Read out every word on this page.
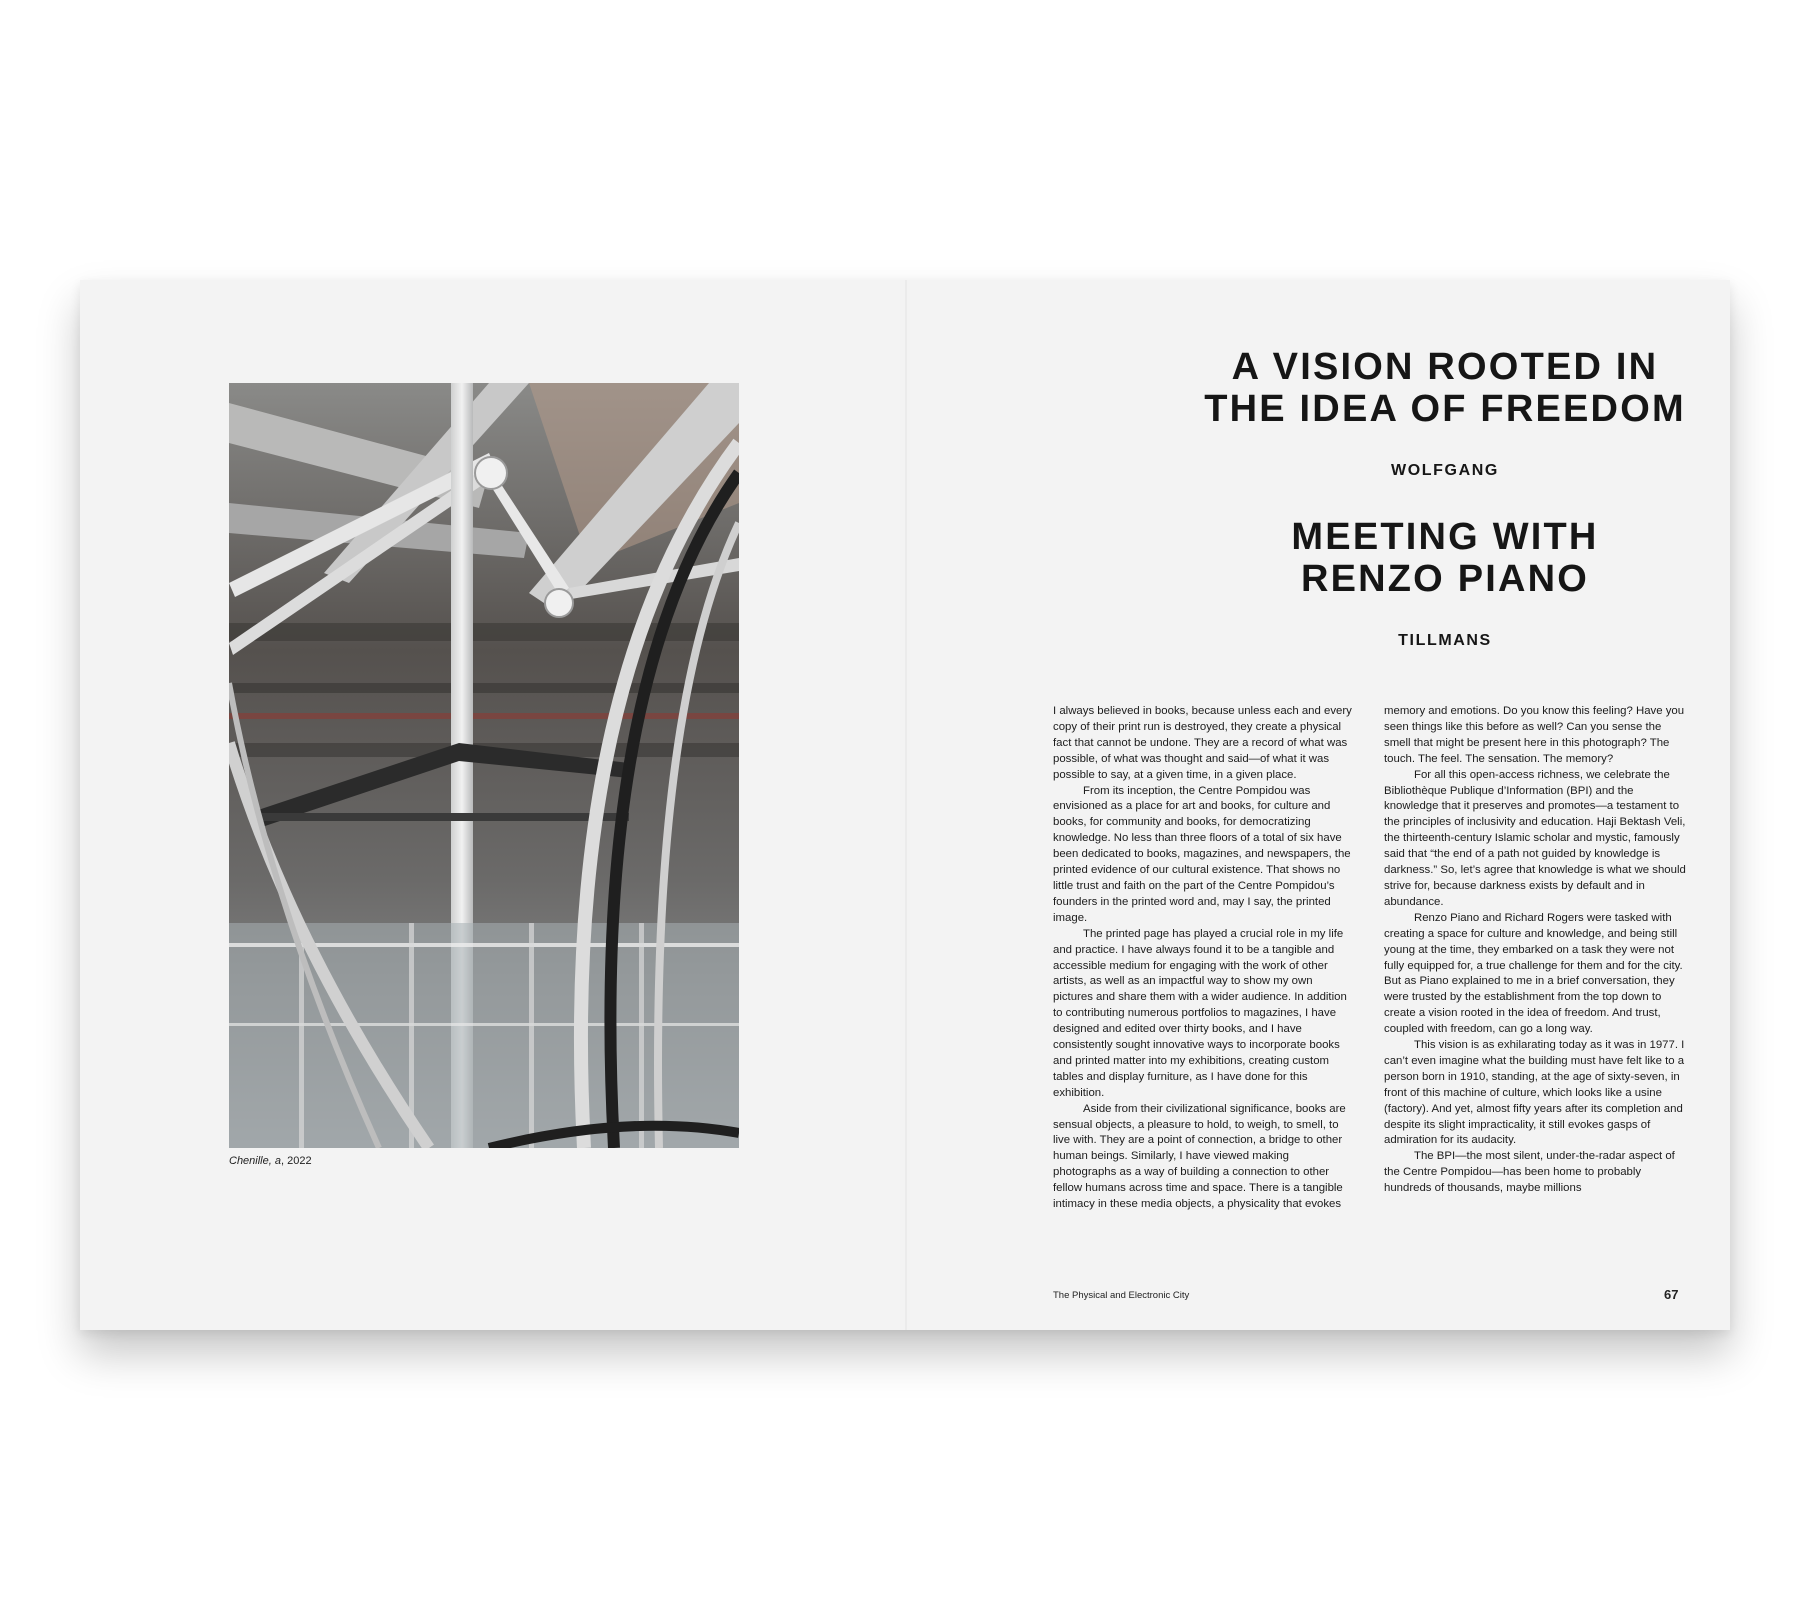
Chenille, a, 2022
A VISION ROOTED IN
THE IDEA OF FREEDOM
WOLFGANG
MEETING WITH
RENZO PIANO
TILLMANS

I always believed in books, because unless each and every copy of their print run is destroyed, they create a physical fact that cannot be undone. They are a record of what was possible, of what was thought and said—of what it was possible to say, at a given time, in a given place.

From its inception, the Centre Pompidou was envisioned as a place for art and books, for culture and books, for community and books, for democratizing knowledge. No less than three floors of a total of six have been dedicated to books, magazines, and newspapers, the printed evidence of our cultural existence. That shows no little trust and faith on the part of the Centre Pompidou’s founders in the printed word and, may I say, the printed image.

The printed page has played a crucial role in my life and practice. I have always found it to be a tangible and accessible medium for engaging with the work of other artists, as well as an impactful way to show my own pictures and share them with a wider audience. In addition to contributing numerous portfolios to magazines, I have designed and edited over thirty books, and I have consistently sought innovative ways to incorporate books and printed matter into my exhibitions, creating custom tables and display furniture, as I have done for this exhibition.

Aside from their civilizational significance, books are sensual objects, a pleasure to hold, to weigh, to smell, to live with. They are a point of connection, a bridge to other human beings. Similarly, I have viewed making photographs as a way of building a connection to other fellow humans across time and space. There is a tangible intimacy in these media objects, a physicality that evokes

memory and emotions. Do you know this feeling? Have you seen things like this before as well? Can you sense the smell that might be present here in this photograph? The touch. The feel. The sensation. The memory?

For all this open-access richness, we celebrate the Bibliothèque Publique d’Information (BPI) and the knowledge that it preserves and promotes—a testament to the principles of inclusivity and education. Haji Bektash Veli, the thirteenth-century Islamic scholar and mystic, famously said that “the end of a path not guided by knowledge is darkness.” So, let’s agree that knowledge is what we should strive for, because darkness exists by default and in abundance.

Renzo Piano and Richard Rogers were tasked with creating a space for culture and knowledge, and being still young at the time, they embarked on a task they were not fully equipped for, a true challenge for them and for the city. But as Piano explained to me in a brief conversation, they were trusted by the establishment from the top down to create a vision rooted in the idea of freedom. And trust, coupled with freedom, can go a long way.

This vision is as exhilarating today as it was in 1977. I can’t even imagine what the building must have felt like to a person born in 1910, standing, at the age of sixty-seven, in front of this machine of culture, which looks like a usine (factory). And yet, almost fifty years after its completion and despite its slight impracticality, it still evokes gasps of admiration for its audacity.

The BPI—the most silent, under-the-radar aspect of the Centre Pompidou—has been home to probably hundreds of thousands, maybe millions

The Physical and Electronic City	67
